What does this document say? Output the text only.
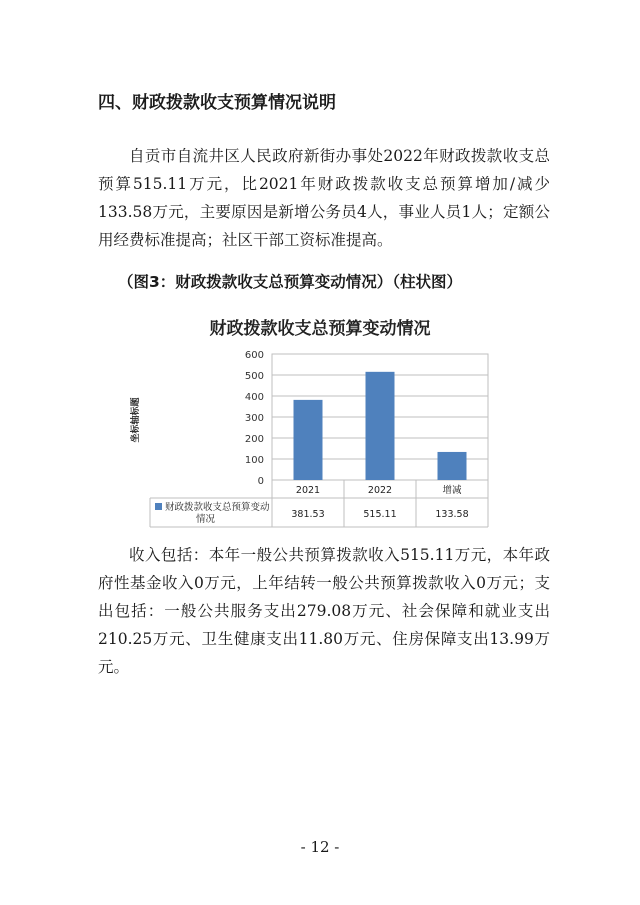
四、财政拨款收支预算情况说明
自贡市自流井区人民政府新街办事处2022年财政拨款收支总预算515.11万元，比2021年财政拨款收支总预算增加/减少133.58万元，主要原因是新增公务员4人，事业人员1人；定额公用经费标准提高；社区干部工资标准提高。
（图3：财政拨款收支总预算变动情况）（柱状图）
财政拨款收支总预算变动情况
0
100
200
300
400
500
600
坐标轴标题
2021
381.53
2022
515.11
增减
133.58
财政拨款收支总预算变动
情况
收入包括：本年一般公共预算拨款收入515.11万元，本年政府性基金收入0万元，上年结转一般公共预算拨款收入0万元；支出包括：一般公共服务支出279.08万元、社会保障和就业支出210.25万元、卫生健康支出11.80万元、住房保障支出13.99万元。
- 12 -
